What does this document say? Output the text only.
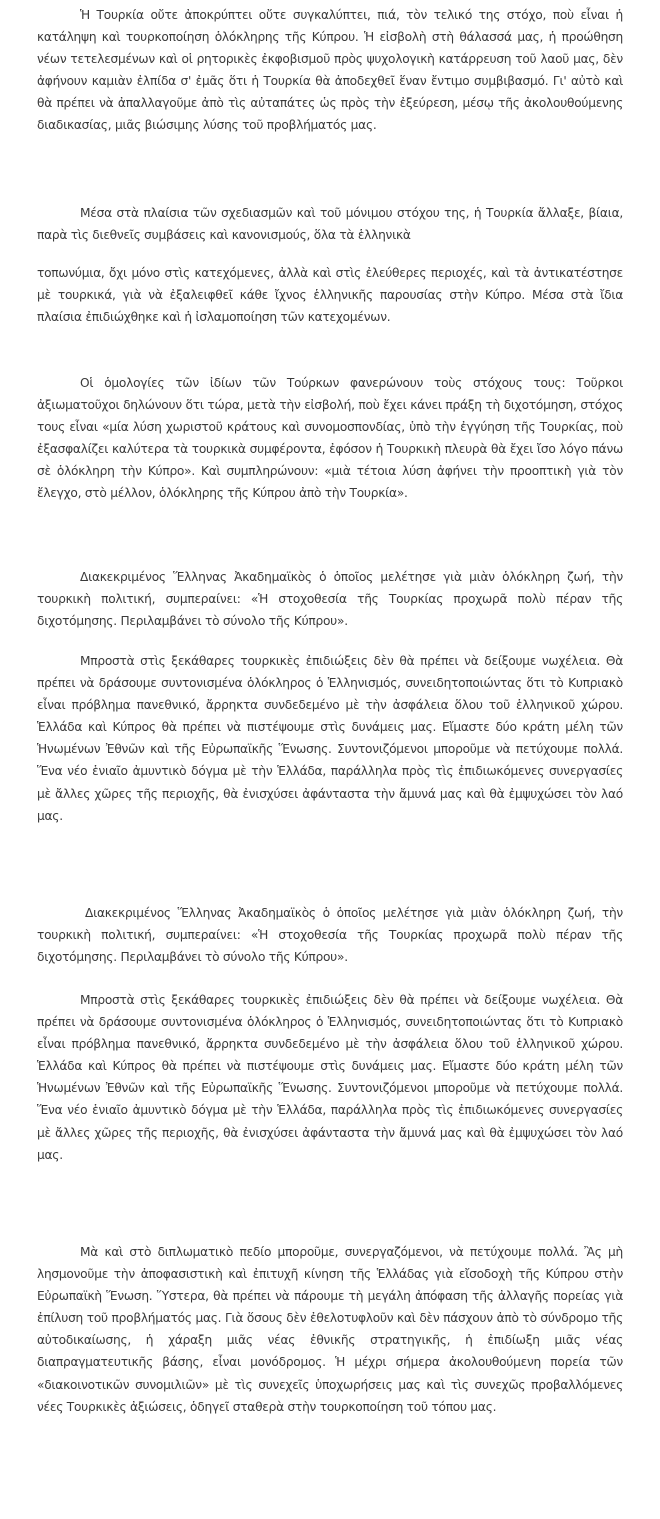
Ἡ Τουρκία οὔτε ἀποκρύπτει οὔτε συγκαλύπτει, πιά, τὸν τελικό της στόχο, ποὺ εἶναι ἡ κατάληψη καὶ τουρκοποίηση ὁλόκληρης τῆς Κύπρου. Ἡ εἰσβολὴ στὴ θάλασσά μας, ἡ προώθηση νέων τετελεσμένων καὶ οἱ ρητορικὲς ἐκφοβισμοῦ πρὸς ψυχολογικὴ κατάρρευση τοῦ λαοῦ μας, δὲν ἀφήνουν καμιὰν ἐλπίδα σ' ἐμᾶς ὅτι ἡ Τουρκία θὰ ἀποδεχθεῖ ἕναν ἔντιμο συμβιβασμό. Γι' αὐτὸ καὶ θὰ πρέπει νὰ ἀπαλλαγοῦμε ἀπὸ τὶς αὐταπάτες ὡς πρὸς τὴν ἐξεύρεση, μέσῳ τῆς ἀκολουθούμενης διαδικασίας, μιᾶς βιώσιμης λύσης τοῦ προβλήματός μας.

Μέσα στὰ πλαίσια τῶν σχεδιασμῶν καὶ τοῦ μόνιμου στόχου της, ἡ Τουρκία ἄλλαξε, βίαια, παρὰ τὶς διεθνεῖς συμβάσεις καὶ κανονισμούς, ὅλα τὰ ἑλληνικὰ

τοπωνύμια, ὄχι μόνο στὶς κατεχόμενες, ἀλλὰ καὶ στὶς ἐλεύθερες περιοχές, καὶ τὰ ἀντικατέστησε μὲ τουρκικά, γιὰ νὰ ἐξαλειφθεῖ κάθε ἴχνος ἑλληνικῆς παρουσίας στὴν Κύπρο. Μέσα στὰ ἴδια πλαίσια ἐπιδιώχθηκε καὶ ἡ ἰσλαμοποίηση τῶν κατεχομένων.

Οἱ ὁμολογίες τῶν ἰδίων τῶν Τούρκων φανερώνουν τοὺς στόχους τους: Τοῦρκοι ἀξιωματοῦχοι δηλώνουν ὅτι τώρα, μετὰ τὴν εἰσβολή, ποὺ ἔχει κάνει πράξη τὴ διχοτόμηση, στόχος τους εἶναι «μία λύση χωριστοῦ κράτους καὶ συνομοσπονδίας, ὑπὸ τὴν ἐγγύηση τῆς Τουρκίας, ποὺ ἐξασφαλίζει καλύτερα τὰ τουρκικὰ συμφέροντα, ἐφόσον ἡ Τουρκικὴ πλευρὰ θὰ ἔχει ἴσο λόγο πάνω σὲ ὁλόκληρη τὴν Κύπρο». Καὶ συμπληρώνουν: «μιὰ τέτοια λύση ἀφήνει τὴν προοπτικὴ γιὰ τὸν ἔλεγχο, στὸ μέλλον, ὁλόκληρης τῆς Κύπρου ἀπὸ τὴν Τουρκία».

Διακεκριμένος Ἕλληνας Ἀκαδημαϊκὸς ὁ ὁποῖος μελέτησε γιὰ μιὰν ὁλόκληρη ζωή, τὴν τουρκικὴ πολιτική, συμπεραίνει: «Ἡ στοχοθεσία τῆς Τουρκίας προχωρᾶ πολὺ πέραν τῆς διχοτόμησης. Περιλαμβάνει τὸ σύνολο τῆς Κύπρου».

Μπροστὰ στὶς ξεκάθαρες τουρκικὲς ἐπιδιώξεις δὲν θὰ πρέπει νὰ δείξουμε νωχέλεια. Θὰ πρέπει νὰ δράσουμε συντονισμένα ὁλόκληρος ὁ Ἑλληνισμός, συνειδητοποιώντας ὅτι τὸ Κυπριακὸ εἶναι πρόβλημα πανεθνικό, ἄρρηκτα συνδεδεμένο μὲ τὴν ἀσφάλεια ὅλου τοῦ ἑλληνικοῦ χώρου. Ἑλλάδα καὶ Κύπρος θὰ πρέπει νὰ πιστέψουμε στὶς δυνάμεις μας. Εἴμαστε δύο κράτη μέλη τῶν Ἡνωμένων Ἐθνῶν καὶ τῆς Εὐρωπαϊκῆς Ἕνωσης. Συντονιζόμενοι μποροῦμε νὰ πετύχουμε πολλά. Ἕνα νέο ἑνιαῖο ἀμυντικὸ δόγμα μὲ τὴν Ἑλλάδα, παράλληλα πρὸς τὶς ἐπιδιωκόμενες συνεργασίες μὲ ἄλλες χῶρες τῆς περιοχῆς, θὰ ἐνισχύσει ἀφάνταστα τὴν ἄμυνά μας καὶ θὰ ἐμψυχώσει τὸν λαό μας.

Διακεκριμένος Ἕλληνας Ἀκαδημαϊκὸς ὁ ὁποῖος μελέτησε γιὰ μιὰν ὁλόκληρη ζωή, τὴν τουρκικὴ πολιτική, συμπεραίνει: «Ἡ στοχοθεσία τῆς Τουρκίας προχωρᾶ πολὺ πέραν τῆς διχοτόμησης. Περιλαμβάνει τὸ σύνολο τῆς Κύπρου».

Μπροστὰ στὶς ξεκάθαρες τουρκικὲς ἐπιδιώξεις δὲν θὰ πρέπει νὰ δείξουμε νωχέλεια. Θὰ πρέπει νὰ δράσουμε συντονισμένα ὁλόκληρος ὁ Ἑλληνισμός, συνειδητοποιώντας ὅτι τὸ Κυπριακὸ εἶναι πρόβλημα πανεθνικό, ἄρρηκτα συνδεδεμένο μὲ τὴν ἀσφάλεια ὅλου τοῦ ἑλληνικοῦ χώρου. Ἑλλάδα καὶ Κύπρος θὰ πρέπει νὰ πιστέψουμε στὶς δυνάμεις μας. Εἴμαστε δύο κράτη μέλη τῶν Ἡνωμένων Ἐθνῶν καὶ τῆς Εὐρωπαϊκῆς Ἕνωσης. Συντονιζόμενοι μποροῦμε νὰ πετύχουμε πολλά. Ἕνα νέο ἑνιαῖο ἀμυντικὸ δόγμα μὲ τὴν Ἑλλάδα, παράλληλα πρὸς τὶς ἐπιδιωκόμενες συνεργασίες μὲ ἄλλες χῶρες τῆς περιοχῆς, θὰ ἐνισχύσει ἀφάνταστα τὴν ἄμυνά μας καὶ θὰ ἐμψυχώσει τὸν λαό μας.

Μὰ καὶ στὸ διπλωματικὸ πεδίο μποροῦμε, συνεργαζόμενοι, νὰ πετύχουμε πολλά. Ἂς μὴ λησμονοῦμε τὴν ἀποφασιστικὴ καὶ ἐπιτυχῆ κίνηση τῆς Ἑλλάδας γιὰ εἴσοδοχὴ τῆς Κύπρου στὴν Εὐρωπαϊκὴ Ἕνωση. Ὕστερα, θὰ πρέπει νὰ πάρουμε τὴ μεγάλη ἀπόφαση τῆς ἀλλαγῆς πορείας γιὰ ἐπίλυση τοῦ προβλήματός μας. Γιὰ ὅσους δὲν ἐθελοτυφλοῦν καὶ δὲν πάσχουν ἀπὸ τὸ σύνδρομο τῆς αὐτοδικαίωσης, ἡ χάραξη μιᾶς νέας ἐθνικῆς στρατηγικῆς, ἡ ἐπιδίωξη μιᾶς νέας διαπραγματευτικῆς βάσης, εἶναι μονόδρομος. Ἡ μέχρι σήμερα ἀκολουθούμενη πορεία τῶν «διακοινοτικῶν συνομιλιῶν» μὲ τὶς συνεχεῖς ὑποχωρήσεις μας καὶ τὶς συνεχῶς προβαλλόμενες νέες Τουρκικὲς ἀξιώσεις, ὁδηγεῖ σταθερὰ στὴν τουρκοποίηση τοῦ τόπου μας.
